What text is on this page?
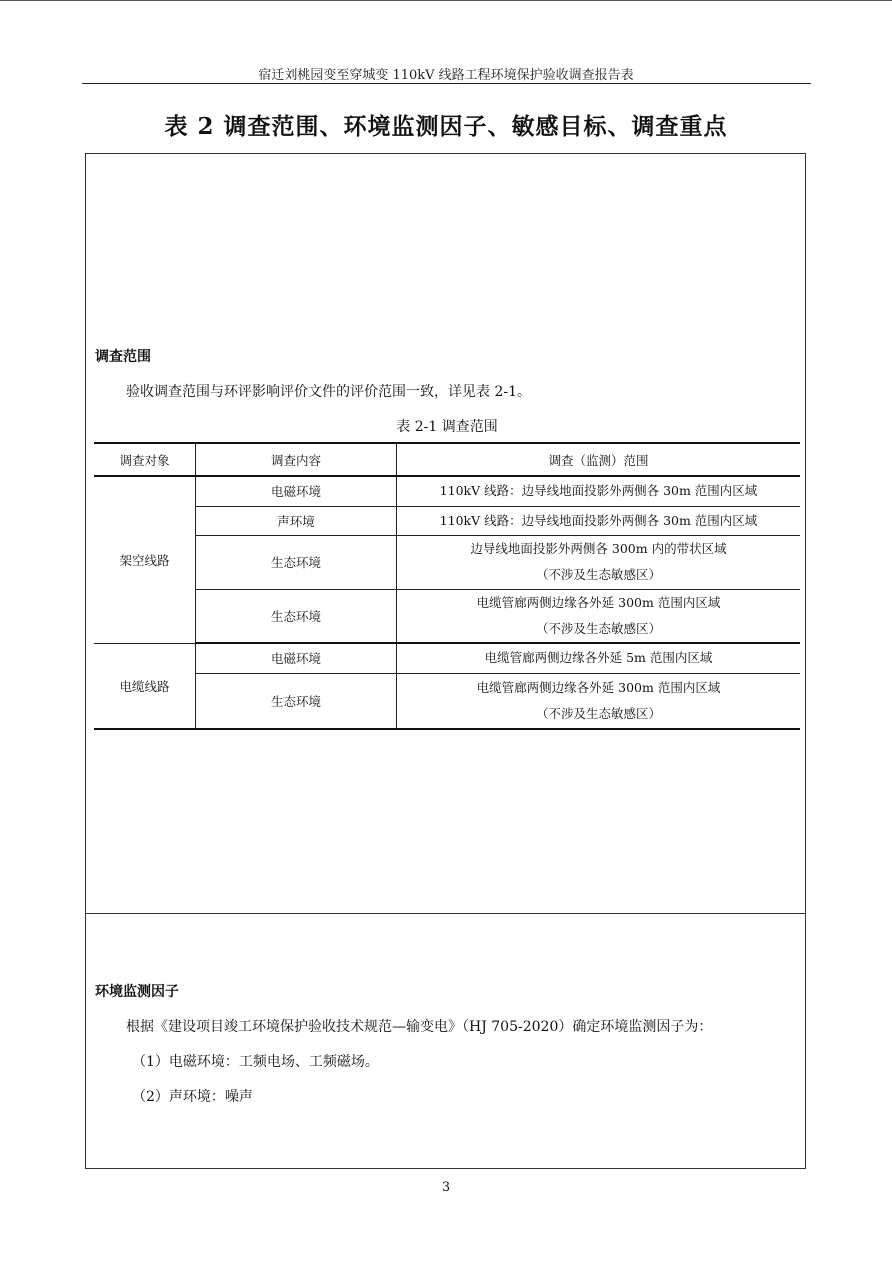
宿迁刘桃园变至穿城变 110kV 线路工程环境保护验收调查报告表
表 2 调查范围、环境监测因子、敏感目标、调查重点
调查范围
验收调查范围与环评影响评价文件的评价范围一致，详见表 2-1。
表 2-1 调查范围
调查对象	调查内容	调查（监测）范围
架空线路	电磁环境	110kV 线路：边导线地面投影外两侧各 30m 范围内区域

	声环境	110kV 线路：边导线地面投影外两侧各 30m 范围内区域

	生态环境	边导线地面投影外两侧各 300m 内的带状区域
（不涉及生态敏感区）

	生态环境	电缆管廊两侧边缘各外延 300m 范围内区域
（不涉及生态敏感区）

电缆线路	电磁环境	电缆管廊两侧边缘各外延 5m 范围内区域

	生态环境	电缆管廊两侧边缘各外延 300m 范围内区域
（不涉及生态敏感区）
环境监测因子
根据《建设项目竣工环境保护验收技术规范—输变电》（HJ 705-2020）确定环境监测因子为：
（1）电磁环境：工频电场、工频磁场。
（2）声环境：噪声
3
